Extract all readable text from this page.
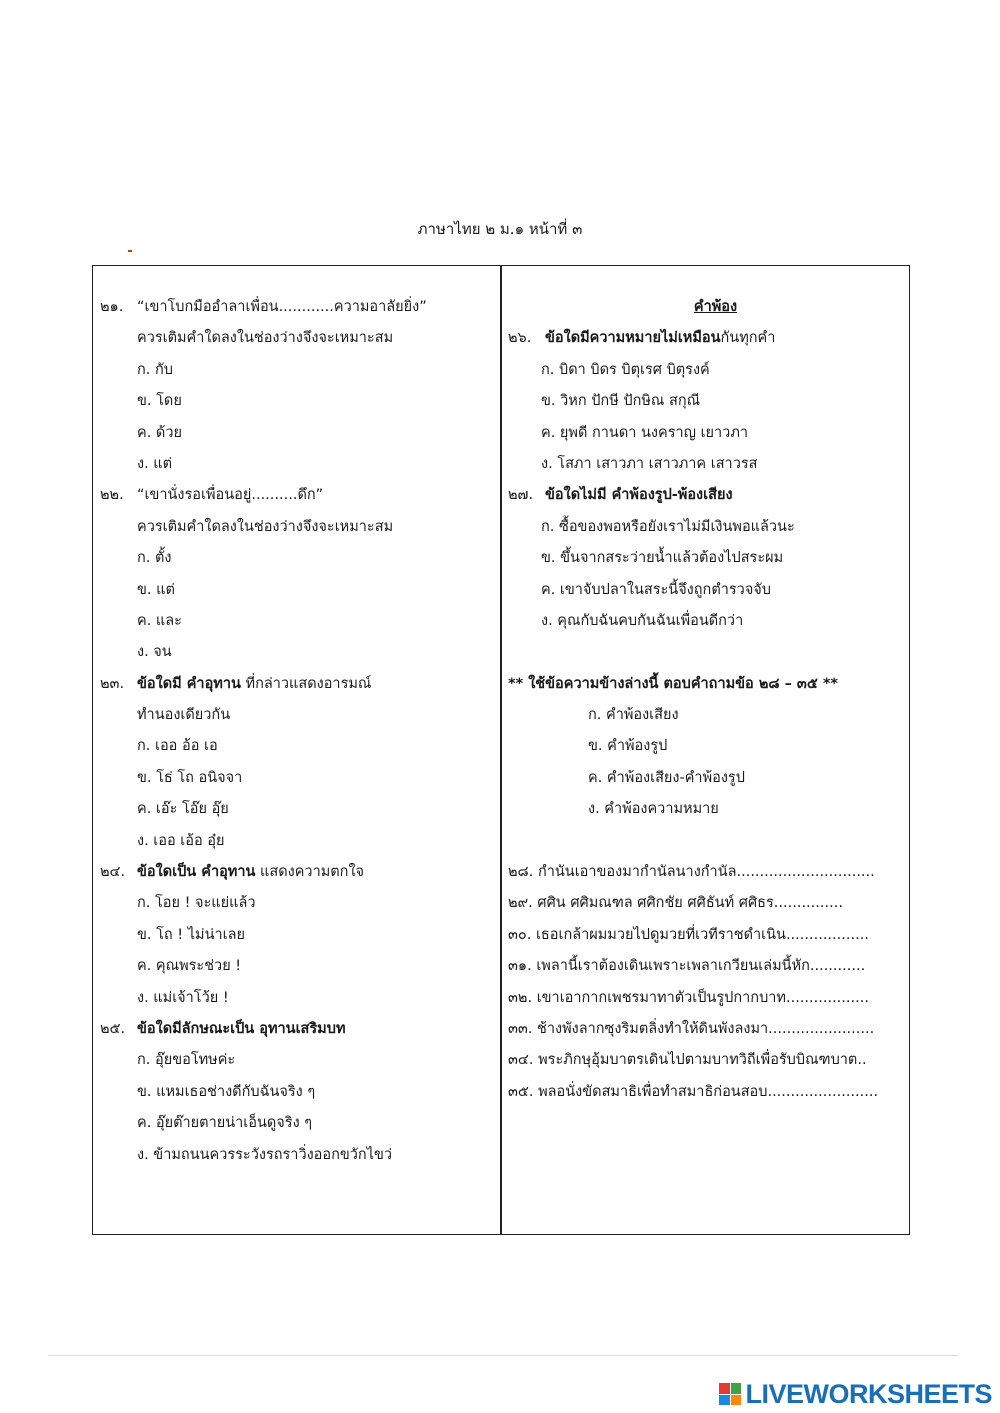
ภาษาไทย ๒ ม.๑ หน้าที่ ๓
๒๑. “เขาโบกมืออำลาเพื่อน............ความอาลัยยิ่ง”
ควรเติมคำใดลงในช่องว่างจึงจะเหมาะสม
ก. กับ
ข. โดย
ค. ด้วย
ง. แต่
๒๒. “เขานั่งรอเพื่อนอยู่..........ดึก”
ควรเติมคำใดลงในช่องว่างจึงจะเหมาะสม
ก. ตั้ง
ข. แต่
ค. และ
ง. จน
๒๓. ข้อใดมี คำอุทาน ที่กล่าวแสดงอารมณ์
ทำนองเดียวกัน
ก. เออ อ้อ เอ
ข. โธ่ โถ อนิจจา
ค. เอ๊ะ โอ๊ย อุ๊ย
ง. เออ เอ้อ อุ๋ย
๒๔. ข้อใดเป็น คำอุทาน แสดงความตกใจ
ก. โอย ! จะแย่แล้ว
ข. โถ ! ไม่น่าเลย
ค. คุณพระช่วย !
ง. แม่เจ้าโว้ย !
๒๕. ข้อใดมีลักษณะเป็น อุทานเสริมบท
ก. อุ๊ยขอโทษค่ะ
ข. แหมเธอช่างดีกับฉันจริง ๆ
ค. อุ๊ยต๊ายตายน่าเอ็นดูจริง ๆ
ง. ข้ามถนนควรระวังรถราวิ่งออกขวักไขว่
คำพ้อง
๒๖. ข้อใดมีความหมายไม่เหมือนกันทุกคำ
ก. บิดา บิดร บิตุเรศ บิตุรงค์
ข. วิหก ปักษี ปักษิณ สกุณี
ค. ยุพดี กานดา นงคราญ เยาวภา
ง. โสภา เสาวภา เสาวภาค เสาวรส
๒๗. ข้อใดไม่มี คำพ้องรูป-พ้องเสียง
ก. ซื้อของพอหรือยังเราไม่มีเงินพอแล้วนะ
ข. ขึ้นจากสระว่ายน้ำแล้วต้องไปสระผม
ค. เขาจับปลาในสระนี้จึงถูกตำรวจจับ
ง. คุณกับฉันคบกันฉันเพื่อนดีกว่า
** ใช้ข้อความข้างล่างนี้ ตอบคำถามข้อ ๒๘ – ๓๕ **
ก. คำพ้องเสียง
ข. คำพ้องรูป
ค. คำพ้องเสียง-คำพ้องรูป
ง. คำพ้องความหมาย
๒๘. กำนันเอาของมากำนัลนางกำนัล..............................
๒๙. ศศิน ศศิมณฑล ศศิกชัย ศศิธันท์ ศศิธร...............
๓๐. เธอเกล้าผมมวยไปดูมวยที่เวทีราชดำเนิน..................
๓๑. เพลานี้เราต้องเดินเพราะเพลาเกวียนเล่มนี้หัก............
๓๒. เขาเอากากเพชรมาทาตัวเป็นรูปกากบาท..................
๓๓. ช้างพังลากซุงริมตลิ่งทำให้ดินพังลงมา.......................
๓๔. พระภิกษุอุ้มบาตรเดินไปตามบาทวิถีเพื่อรับบิณฑบาต..
๓๕. พลอนั่งขัดสมาธิเพื่อทำสมาธิก่อนสอบ........................
LIVEWORKSHEETS
